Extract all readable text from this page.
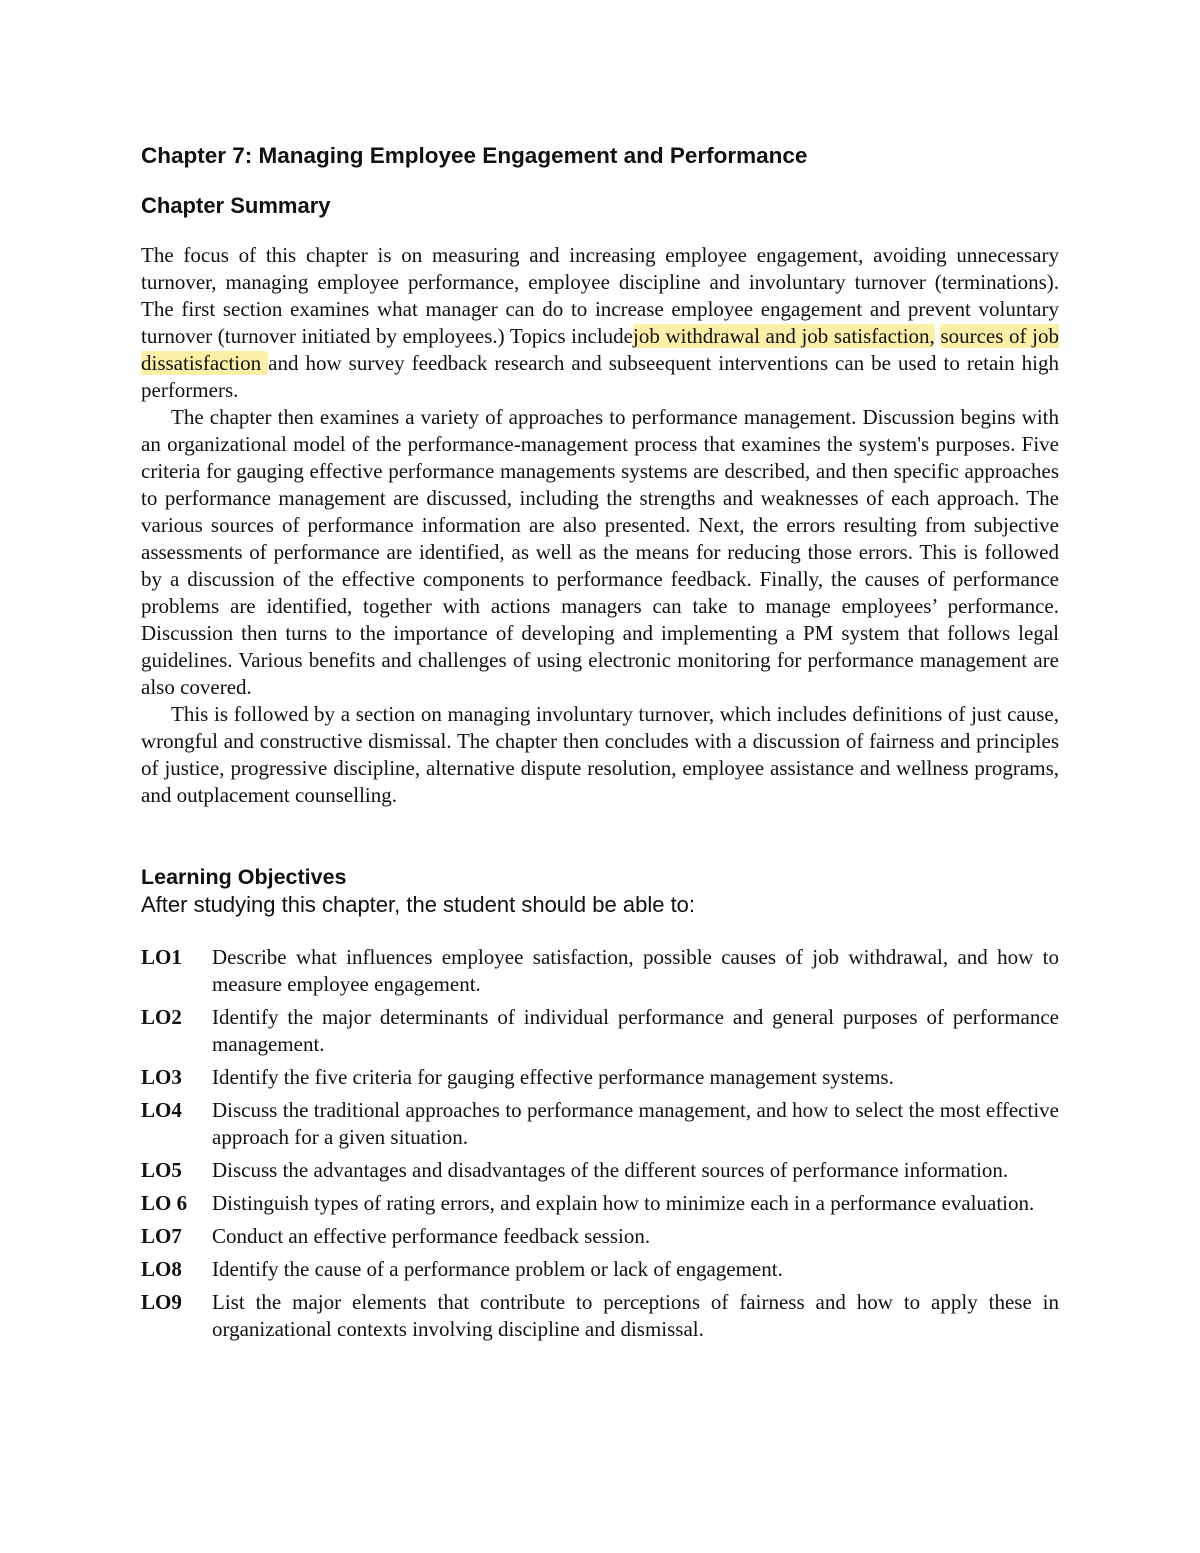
Chapter 7: Managing Employee Engagement and Performance
Chapter Summary

The focus of this chapter is on measuring and increasing employee engagement, avoiding unnecessary turnover, managing employee performance, employee discipline and involuntary turnover (terminations). The first section examines what manager can do to increase employee engagement and prevent voluntary turnover (turnover initiated by employees.) Topics includejob withdrawal and job satisfaction, sources of job dissatisfaction and how survey feedback research and subseequent interventions can be used to retain high performers.

The chapter then examines a variety of approaches to performance management. Discussion begins with an organizational model of the performance-management process that examines the system's purposes. Five criteria for gauging effective performance managements systems are described, and then specific approaches to performance management are discussed, including the strengths and weaknesses of each approach. The various sources of performance information are also presented. Next, the errors resulting from subjective assessments of performance are identified, as well as the means for reducing those errors. This is followed by a discussion of the effective components to performance feedback. Finally, the causes of performance problems are identified, together with actions managers can take to manage employees’ performance. Discussion then turns to the importance of developing and implementing a PM system that follows legal guidelines. Various benefits and challenges of using electronic monitoring for performance management are also covered.

This is followed by a section on managing involuntary turnover, which includes definitions of just cause, wrongful and constructive dismissal. The chapter then concludes with a discussion of fairness and principles of justice, progressive discipline, alternative dispute resolution, employee assistance and wellness programs, and outplacement counselling.

Learning Objectives

After studying this chapter, the student should be able to:

LO1	Describe what influences employee satisfaction, possible causes of job withdrawal, and how to measure employee engagement.
LO2	Identify the major determinants of individual performance and general purposes of performance management.
LO3	Identify the five criteria for gauging effective performance management systems.
LO4	Discuss the traditional approaches to performance management, and how to select the most effective approach for a given situation.
LO5	Discuss the advantages and disadvantages of the different sources of performance information.
LO 6	Distinguish types of rating errors, and explain how to minimize each in a performance evaluation.
LO7	Conduct an effective performance feedback session.
LO8	Identify the cause of a performance problem or lack of engagement.
LO9	List the major elements that contribute to perceptions of fairness and how to apply these in organizational contexts involving discipline and dismissal.
